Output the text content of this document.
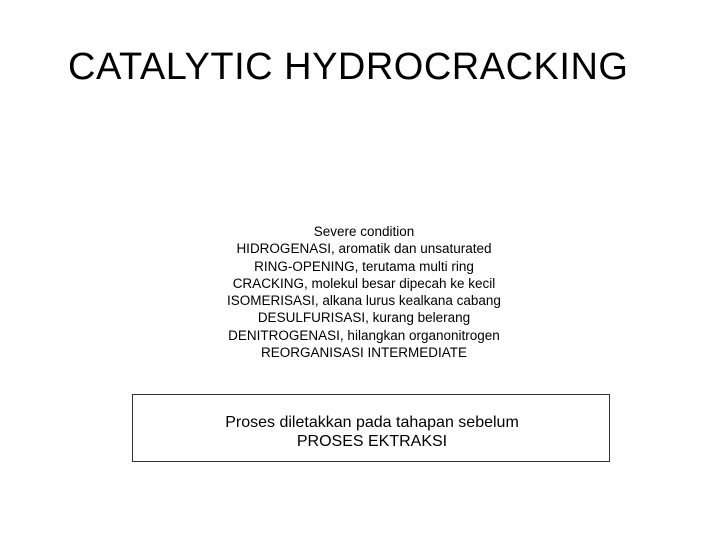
CATALYTIC HYDROCRACKING
Severe condition
HIDROGENASI, aromatik dan unsaturated
RING-OPENING, terutama multi ring
CRACKING, molekul besar dipecah ke kecil
ISOMERISASI, alkana lurus kealkana cabang
DESULFURISASI, kurang belerang
DENITROGENASI, hilangkan organonitrogen
REORGANISASI INTERMEDIATE
Proses diletakkan pada tahapan sebelum
PROSES EKTRAKSI
